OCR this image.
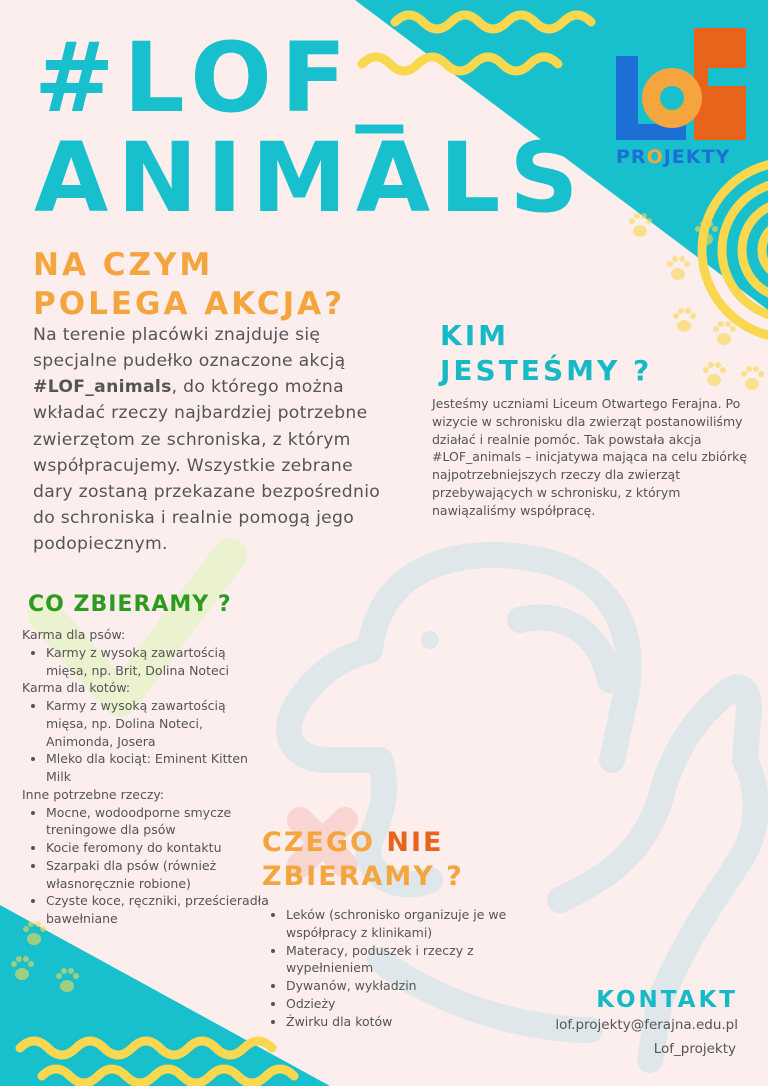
PROJEKTY
#LOF_
ANIMALS
NA CZYM
POLEGA AKCJA?

Na terenie placówki znajduje się specjalne pudełko oznaczone akcją #LOF_animals, do którego można wkładać rzeczy najbardziej potrzebne zwierzętom ze schroniska, z którym współpracujemy. Wszystkie zebrane dary zostaną przekazane bezpośrednio do schroniska i realnie pomogą jego podopiecznym.

KIM
JESTEŚMY ?

Jesteśmy uczniami Liceum Otwartego Ferajna. Po wizycie w schronisku dla zwierząt postanowiliśmy działać i realnie pomóc. Tak powstała akcja #LOF_animals – inicjatywa mająca na celu zbiórkę najpotrzebniejszych rzeczy dla zwierząt przebywających w schronisku, z którym nawiązaliśmy współpracę.

CO ZBIERAMY ?
Karma dla psów:
• Karmy z wysoką zawartością mięsa, np. Brit, Dolina Noteci
Karma dla kotów:
• Karmy z wysoką zawartością mięsa, np. Dolina Noteci, Animonda, Josera
• Mleko dla kociąt: Eminent Kitten Milk
Inne potrzebne rzeczy:
• Mocne, wodoodporne smycze treningowe dla psów
• Kocie feromony do kontaktu
• Szarpaki dla psów (również własnoręcznie robione)
• Czyste koce, ręczniki, prześcieradła bawełniane
CZEGO NIE
ZBIERAMY ?
• Leków (schronisko organizuje je we współpracy z klinikami)
• Materacy, poduszek i rzeczy z wypełnieniem
• Dywanów, wykładzin
• Odzieży
• Żwirku dla kotów
KONTAKT
lof.projekty@ferajna.edu.pl
Lof_projekty
